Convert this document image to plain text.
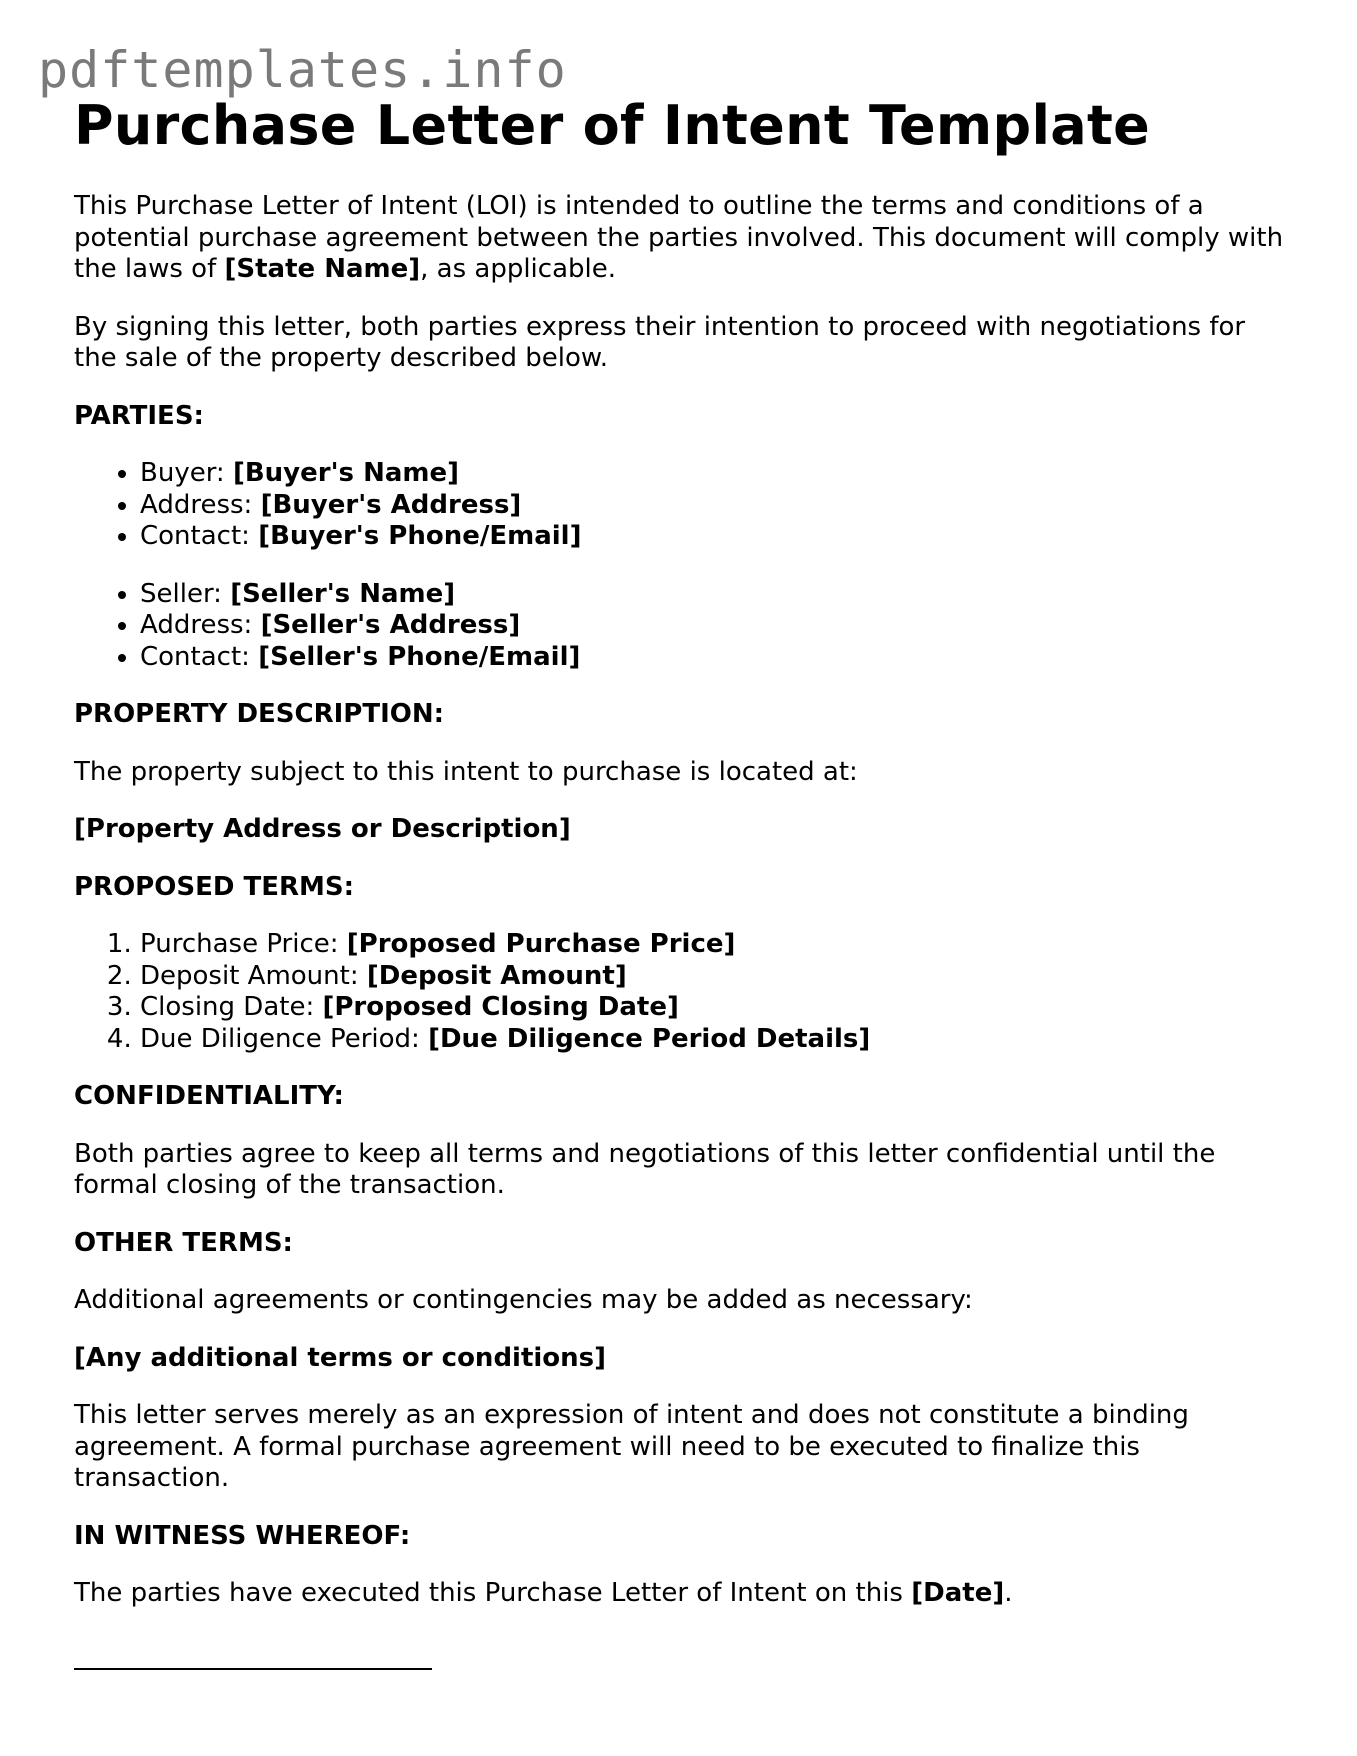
pdftemplates.info
Purchase Letter of Intent Template

This Purchase Letter of Intent (LOI) is intended to outline the terms and conditions of a potential purchase agreement between the parties involved. This document will comply with the laws of [State Name], as applicable.

By signing this letter, both parties express their intention to proceed with negotiations for the sale of the property described below.

PARTIES:

• Buyer: [Buyer's Name]
• Address: [Buyer's Address]
• Contact: [Buyer's Phone/Email]
• Seller: [Seller's Name]
• Address: [Seller's Address]
• Contact: [Seller's Phone/Email]

PROPERTY DESCRIPTION:

The property subject to this intent to purchase is located at:

[Property Address or Description]

PROPOSED TERMS:

1. Purchase Price: [Proposed Purchase Price]
2. Deposit Amount: [Deposit Amount]
3. Closing Date: [Proposed Closing Date]
4. Due Diligence Period: [Due Diligence Period Details]

CONFIDENTIALITY:

Both parties agree to keep all terms and negotiations of this letter confidential until the formal closing of the transaction.

OTHER TERMS:

Additional agreements or contingencies may be added as necessary:

[Any additional terms or conditions]

This letter serves merely as an expression of intent and does not constitute a binding agreement. A formal purchase agreement will need to be executed to finalize this transaction.

IN WITNESS WHEREOF:

The parties have executed this Purchase Letter of Intent on this [Date].
